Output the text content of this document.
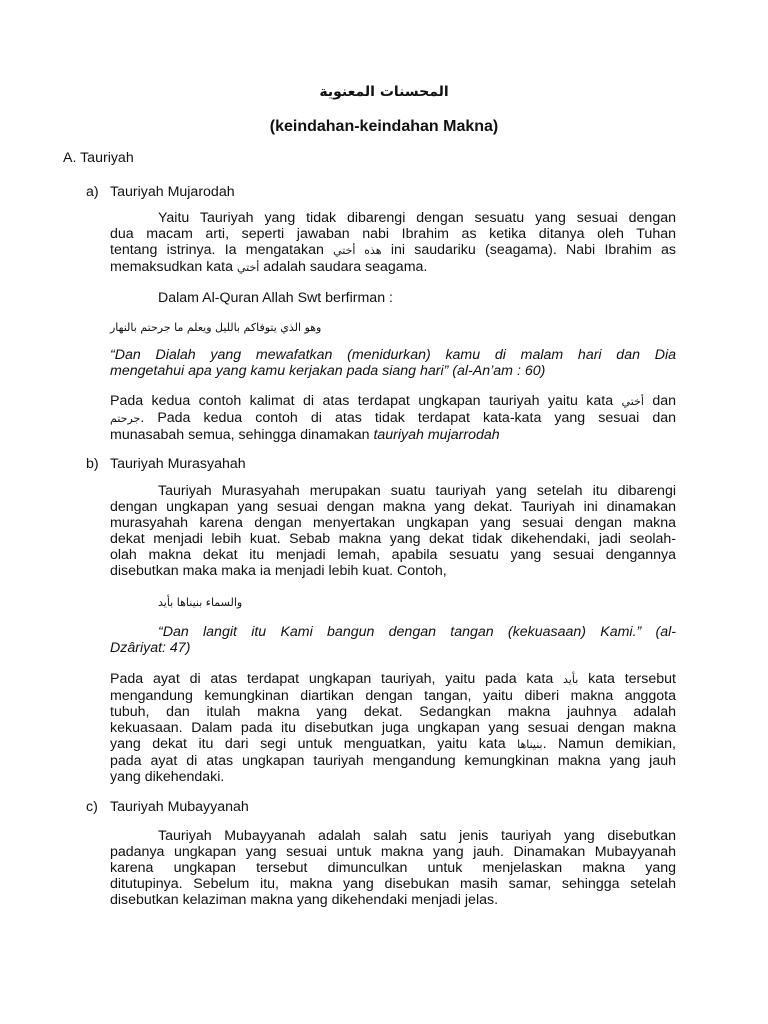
المحسنات المعنوية
(keindahan-keindahan Makna)
A. Tauriyah
a) Tauriyah Mujarodah
Yaitu Tauriyah yang tidak dibarengi dengan sesuatu yang sesuai dengan
dua macam arti, seperti jawaban nabi Ibrahim as ketika ditanya oleh Tuhan
tentang istrinya. Ia mengatakan هذه أختي ini saudariku (seagama). Nabi Ibrahim as
memaksudkan kata أختي adalah saudara seagama.
Dalam Al-Quran Allah Swt berfirman :
وهو الذي يتوفاكم بالليل ويعلم ما جرحتم بالنهار
“Dan Dialah yang mewafatkan (menidurkan) kamu di malam hari dan Dia
mengetahui apa yang kamu kerjakan pada siang hari” (al-An’am : 60)
Pada kedua contoh kalimat di atas terdapat ungkapan tauriyah yaitu kata أختي dan
جرحتم. Pada kedua contoh di atas tidak terdapat kata-kata yang sesuai dan
munasabah semua, sehingga dinamakan tauriyah mujarrodah
b) Tauriyah Murasyahah
Tauriyah Murasyahah merupakan suatu tauriyah yang setelah itu dibarengi
dengan ungkapan yang sesuai dengan makna yang dekat. Tauriyah ini dinamakan
murasyahah karena dengan menyertakan ungkapan yang sesuai dengan makna
dekat menjadi lebih kuat. Sebab makna yang dekat tidak dikehendaki, jadi seolah-
olah makna dekat itu menjadi lemah, apabila sesuatu yang sesuai dengannya
disebutkan maka maka ia menjadi lebih kuat. Contoh,
والسماء بنيناها بأيد
“Dan langit itu Kami bangun dengan tangan (kekuasaan) Kami.” (al-
Dzâriyat: 47)
Pada ayat di atas terdapat ungkapan tauriyah, yaitu pada kata بأيد kata tersebut
mengandung kemungkinan diartikan dengan tangan, yaitu diberi makna anggota
tubuh, dan itulah makna yang dekat. Sedangkan makna jauhnya adalah
kekuasaan. Dalam pada itu disebutkan juga ungkapan yang sesuai dengan makna
yang dekat itu dari segi untuk menguatkan, yaitu kata بنيناها. Namun demikian,
pada ayat di atas ungkapan tauriyah mengandung kemungkinan makna yang jauh
yang dikehendaki.
c) Tauriyah Mubayyanah
Tauriyah Mubayyanah adalah salah satu jenis tauriyah yang disebutkan
padanya ungkapan yang sesuai untuk makna yang jauh. Dinamakan Mubayyanah
karena ungkapan tersebut dimunculkan untuk menjelaskan makna yang
ditutupinya. Sebelum itu, makna yang disebukan masih samar, sehingga setelah
disebutkan kelaziman makna yang dikehendaki menjadi jelas.
